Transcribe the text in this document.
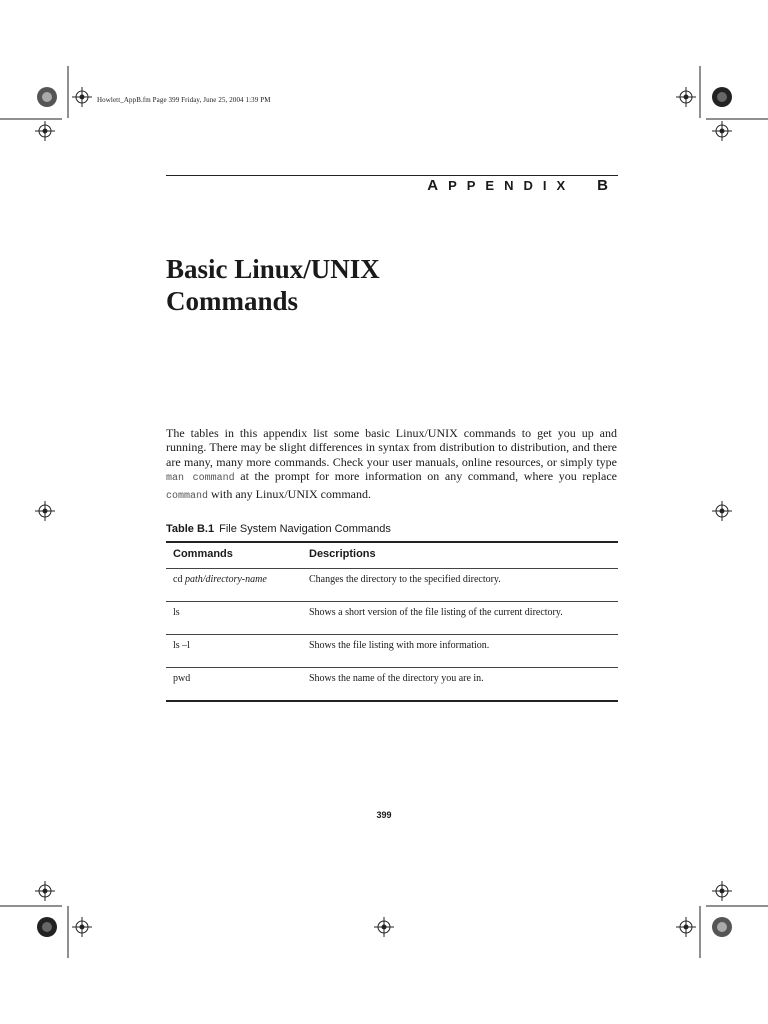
Howlett_AppB.fm Page 399 Friday, June 25, 2004 1:39 PM
APPENDIX B
Basic Linux/UNIX
Commands

The tables in this appendix list some basic Linux/UNIX commands to get you up and running. There may be slight differences in syntax from distribution to distribution, and there are many, many more commands. Check your user manuals, online resources, or simply type man command at the prompt for more information on any command, where you replace command with any Linux/UNIX command.

Table B.1 File System Navigation Commands
Commands	Descriptions
cd path/directory-name	Changes the directory to the specified directory.
ls	Shows a short version of the file listing of the current directory.
ls –l	Shows the file listing with more information.
pwd	Shows the name of the directory you are in.
399
